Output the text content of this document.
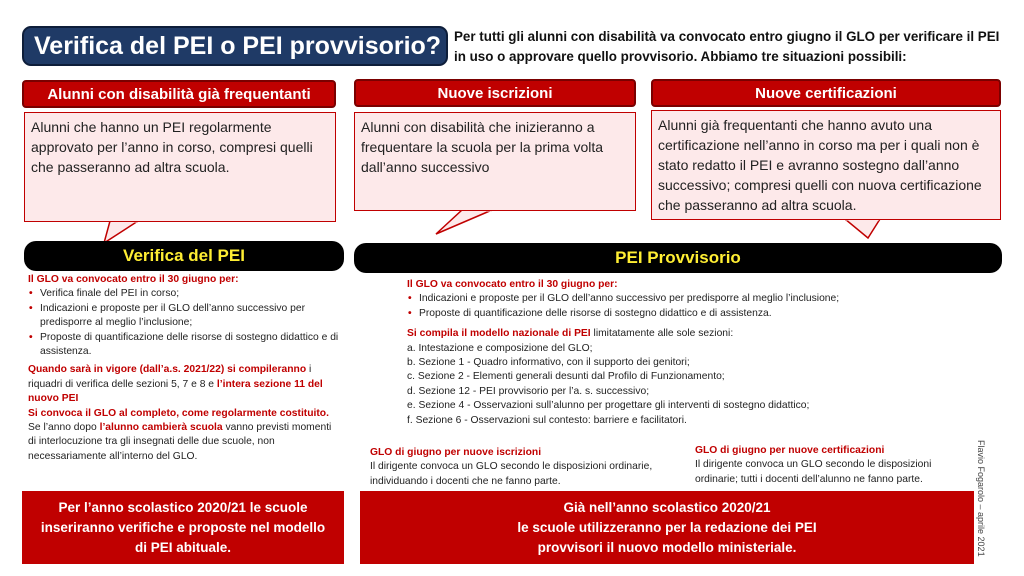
Verifica del PEI o PEI provvisorio? Per tutti gli alunni con disabilità va convocato entro giugno il GLO per verificare il PEI in uso o approvare quello provvisorio. Abbiamo tre situazioni possibili:
Alunni con disabilità già frequentanti	Nuove iscrizioni	Nuove certificazioni
Alunni che hanno un PEI regolarmente approvato per l’anno in corso, compresi quelli che passeranno ad altra scuola.
Alunni con disabilità che inizieranno a frequentare la scuola per la prima volta dall’anno successivo
Alunni già frequentanti che hanno avuto una certificazione nell’anno in corso ma per i quali non è stato redatto il PEI e avranno sostegno dall’anno successivo; compresi quelli con nuova certificazione che passeranno ad altra scuola.
Verifica del PEI	PEI Provvisorio
Il GLO va convocato entro il 30 giugno per:
• Verifica finale del PEI in corso;
• Indicazioni e proposte per il GLO dell’anno successivo per predisporre al meglio l’inclusione;
• Proposte di quantificazione delle risorse di sostegno didattico e di assistenza.
Quando sarà in vigore (dall’a.s. 2021/22) si compileranno i riquadri di verifica delle sezioni 5, 7 e 8 e l’intera sezione 11 del nuovo PEI
Si convoca il GLO al completo, come regolarmente costituito.
Se l’anno dopo l’alunno cambierà scuola vanno previsti momenti di interlocuzione tra gli insegnati delle due scuole, non necessariamente all’interno del GLO.
Il GLO va convocato entro il 30 giugno per:
• Indicazioni e proposte per il GLO dell’anno successivo per predisporre al meglio l’inclusione;
• Proposte di quantificazione delle risorse di sostegno didattico e di assistenza.
Si compila il modello nazionale di PEI limitatamente alle sole sezioni:
a. Intestazione e composizione del GLO;
b. Sezione 1 - Quadro informativo, con il supporto dei genitori;
c. Sezione 2 - Elementi generali desunti dal Profilo di Funzionamento;
d. Sezione 12 - PEI provvisorio per l’a. s. successivo;
e. Sezione 4 - Osservazioni sull’alunno per progettare gli interventi di sostegno didattico;
f. Sezione 6 - Osservazioni sul contesto: barriere e facilitatori.
GLO di giugno per nuove iscrizioni
Il dirigente convoca un GLO secondo le disposizioni ordinarie, individuando i docenti che ne fanno parte.
GLO di giugno per nuove certificazioni
Il dirigente convoca un GLO secondo le disposizioni ordinarie; tutti i docenti dell’alunno ne fanno parte.
Per l’anno scolastico 2020/21 le scuole inseriranno verifiche e proposte nel modello di PEI abituale.
Già nell’anno scolastico 2020/21
le scuole utilizzeranno per la redazione dei PEI
provvisori il nuovo modello ministeriale.	Flavio Fogarolo – aprile 2021
